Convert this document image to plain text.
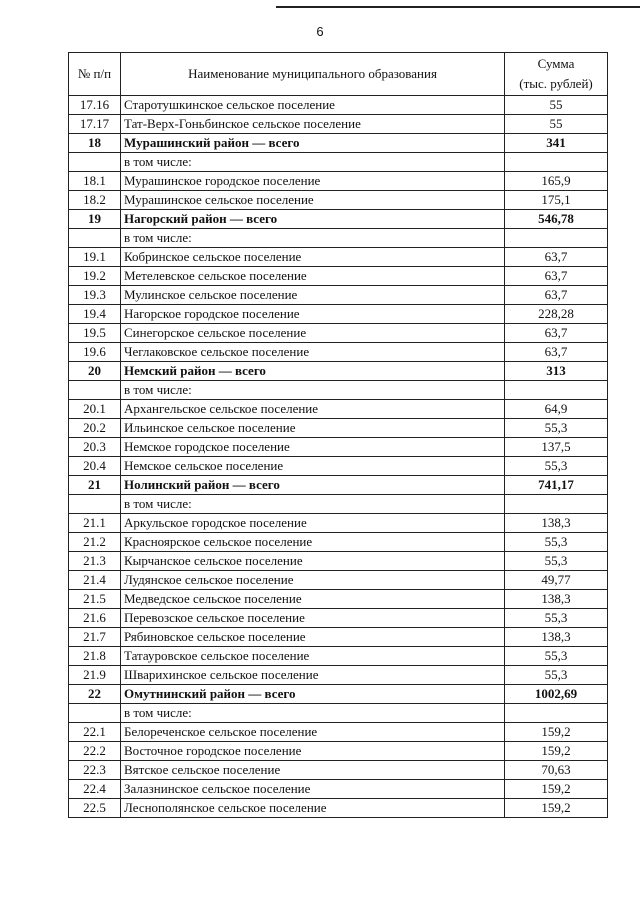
6
№ п/п	Наименование муниципального образования	Сумма
(тыс. рублей)

17.16	Старотушкинское сельское поселение	55
17.17	Тат-Верх-Гоньбинское сельское поселение	55
18	Мурашинский район — всего	341
	в том числе:	
18.1	Мурашинское городское поселение	165,9
18.2	Мурашинское сельское поселение	175,1
19	Нагорский район — всего	546,78
	в том числе:	
19.1	Кобринское сельское поселение	63,7
19.2	Метелевское сельское поселение	63,7
19.3	Мулинское сельское поселение	63,7
19.4	Нагорское городское поселение	228,28
19.5	Синегорское сельское поселение	63,7
19.6	Чеглаковское сельское поселение	63,7
20	Немский район — всего	313
	в том числе:	
20.1	Архангельское сельское поселение	64,9
20.2	Ильинское сельское поселение	55,3
20.3	Немское городское поселение	137,5
20.4	Немское сельское поселение	55,3
21	Нолинский район — всего	741,17
	в том числе:	
21.1	Аркульское городское поселение	138,3
21.2	Красноярское сельское поселение	55,3
21.3	Кырчанское сельское поселение	55,3
21.4	Лудянское сельское поселение	49,77
21.5	Медведское сельское поселение	138,3
21.6	Перевозское сельское поселение	55,3
21.7	Рябиновское сельское поселение	138,3
21.8	Татауровское сельское поселение	55,3
21.9	Шварихинское сельское поселение	55,3
22	Омутнинский район — всего	1002,69
	в том числе:	
22.1	Белореченское сельское поселение	159,2
22.2	Восточное городское поселение	159,2
22.3	Вятское сельское поселение	70,63
22.4	Залазнинское сельское поселение	159,2
22.5	Леснополянское сельское поселение	159,2
